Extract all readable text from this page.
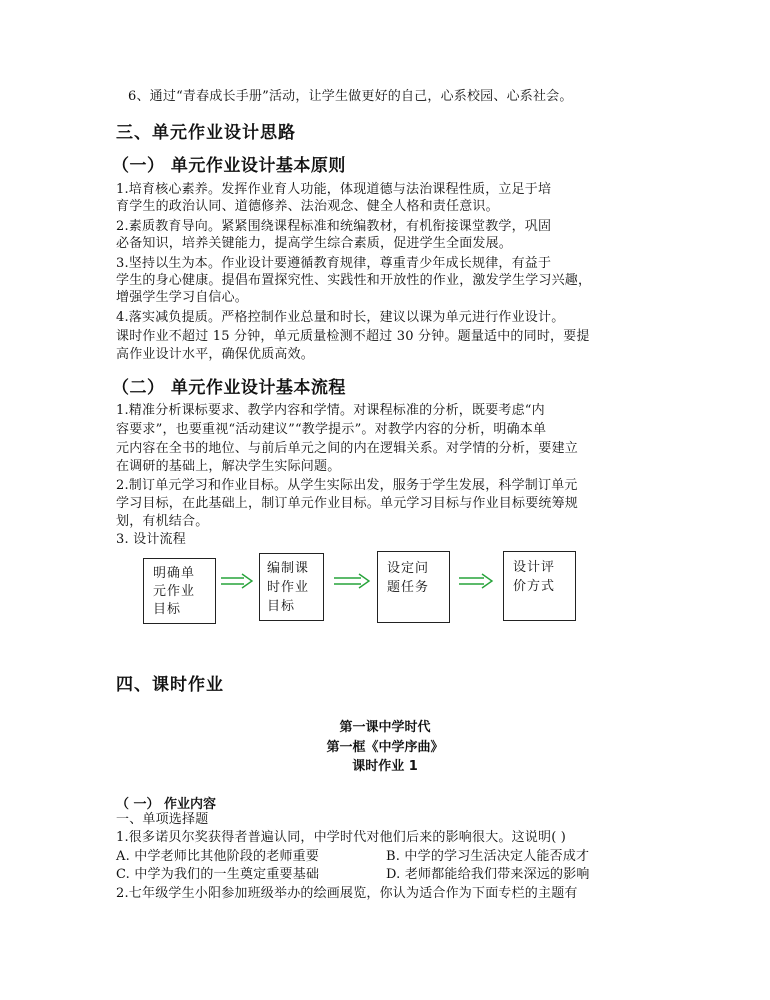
6、通过“青春成长手册”活动，让学生做更好的自己，心系校园、心系社会。
三、单元作业设计思路
（一） 单元作业设计基本原则
1.培育核心素养。发挥作业育人功能，体现道德与法治课程性质，立足于培
育学生的政治认同、道德修养、法治观念、健全人格和责任意识。
2.素质教育导向。紧紧围绕课程标准和统编教材，有机衔接课堂教学，巩固
必备知识，培养关键能力，提高学生综合素质，促进学生全面发展。
3.坚持以生为本。作业设计要遵循教育规律，尊重青少年成长规律，有益于
学生的身心健康。提倡布置探究性、实践性和开放性的作业，激发学生学习兴趣，
增强学生学习自信心。
4.落实减负提质。严格控制作业总量和时长，建议以课为单元进行作业设计。
课时作业不超过 15 分钟，单元质量检测不超过 30 分钟。题量适中的同时，要提
高作业设计水平，确保优质高效。
（二） 单元作业设计基本流程
1.精准分析课标要求、教学内容和学情。对课程标准的分析，既要考虑“内
容要求”，也要重视“活动建议”“教学提示”。对教学内容的分析，明确本单
元内容在全书的地位、与前后单元之间的内在逻辑关系。对学情的分析，要建立
在调研的基础上，解决学生实际问题。
2.制订单元学习和作业目标。从学生实际出发，服务于学生发展，科学制订单元
学习目标，在此基础上，制订单元作业目标。单元学习目标与作业目标要统筹规
划，有机结合。
3. 设计流程
明确单
元作业
目标
编制课
时作业
目标
设定问
题任务
设计评
价方式
四、课时作业
第一课中学时代
第一框《中学序曲》
课时作业 1
（ 一） 作业内容
一、单项选择题
1.很多诺贝尔奖获得者普遍认同，中学时代对他们后来的影响很大。这说明( )
A. 中学老师比其他阶段的老师重要	B. 中学的学习生活决定人能否成才
C. 中学为我们的一生奠定重要基础	D. 老师都能给我们带来深远的影响
2.七年级学生小阳参加班级举办的绘画展览，你认为适合作为下面专栏的主题有
